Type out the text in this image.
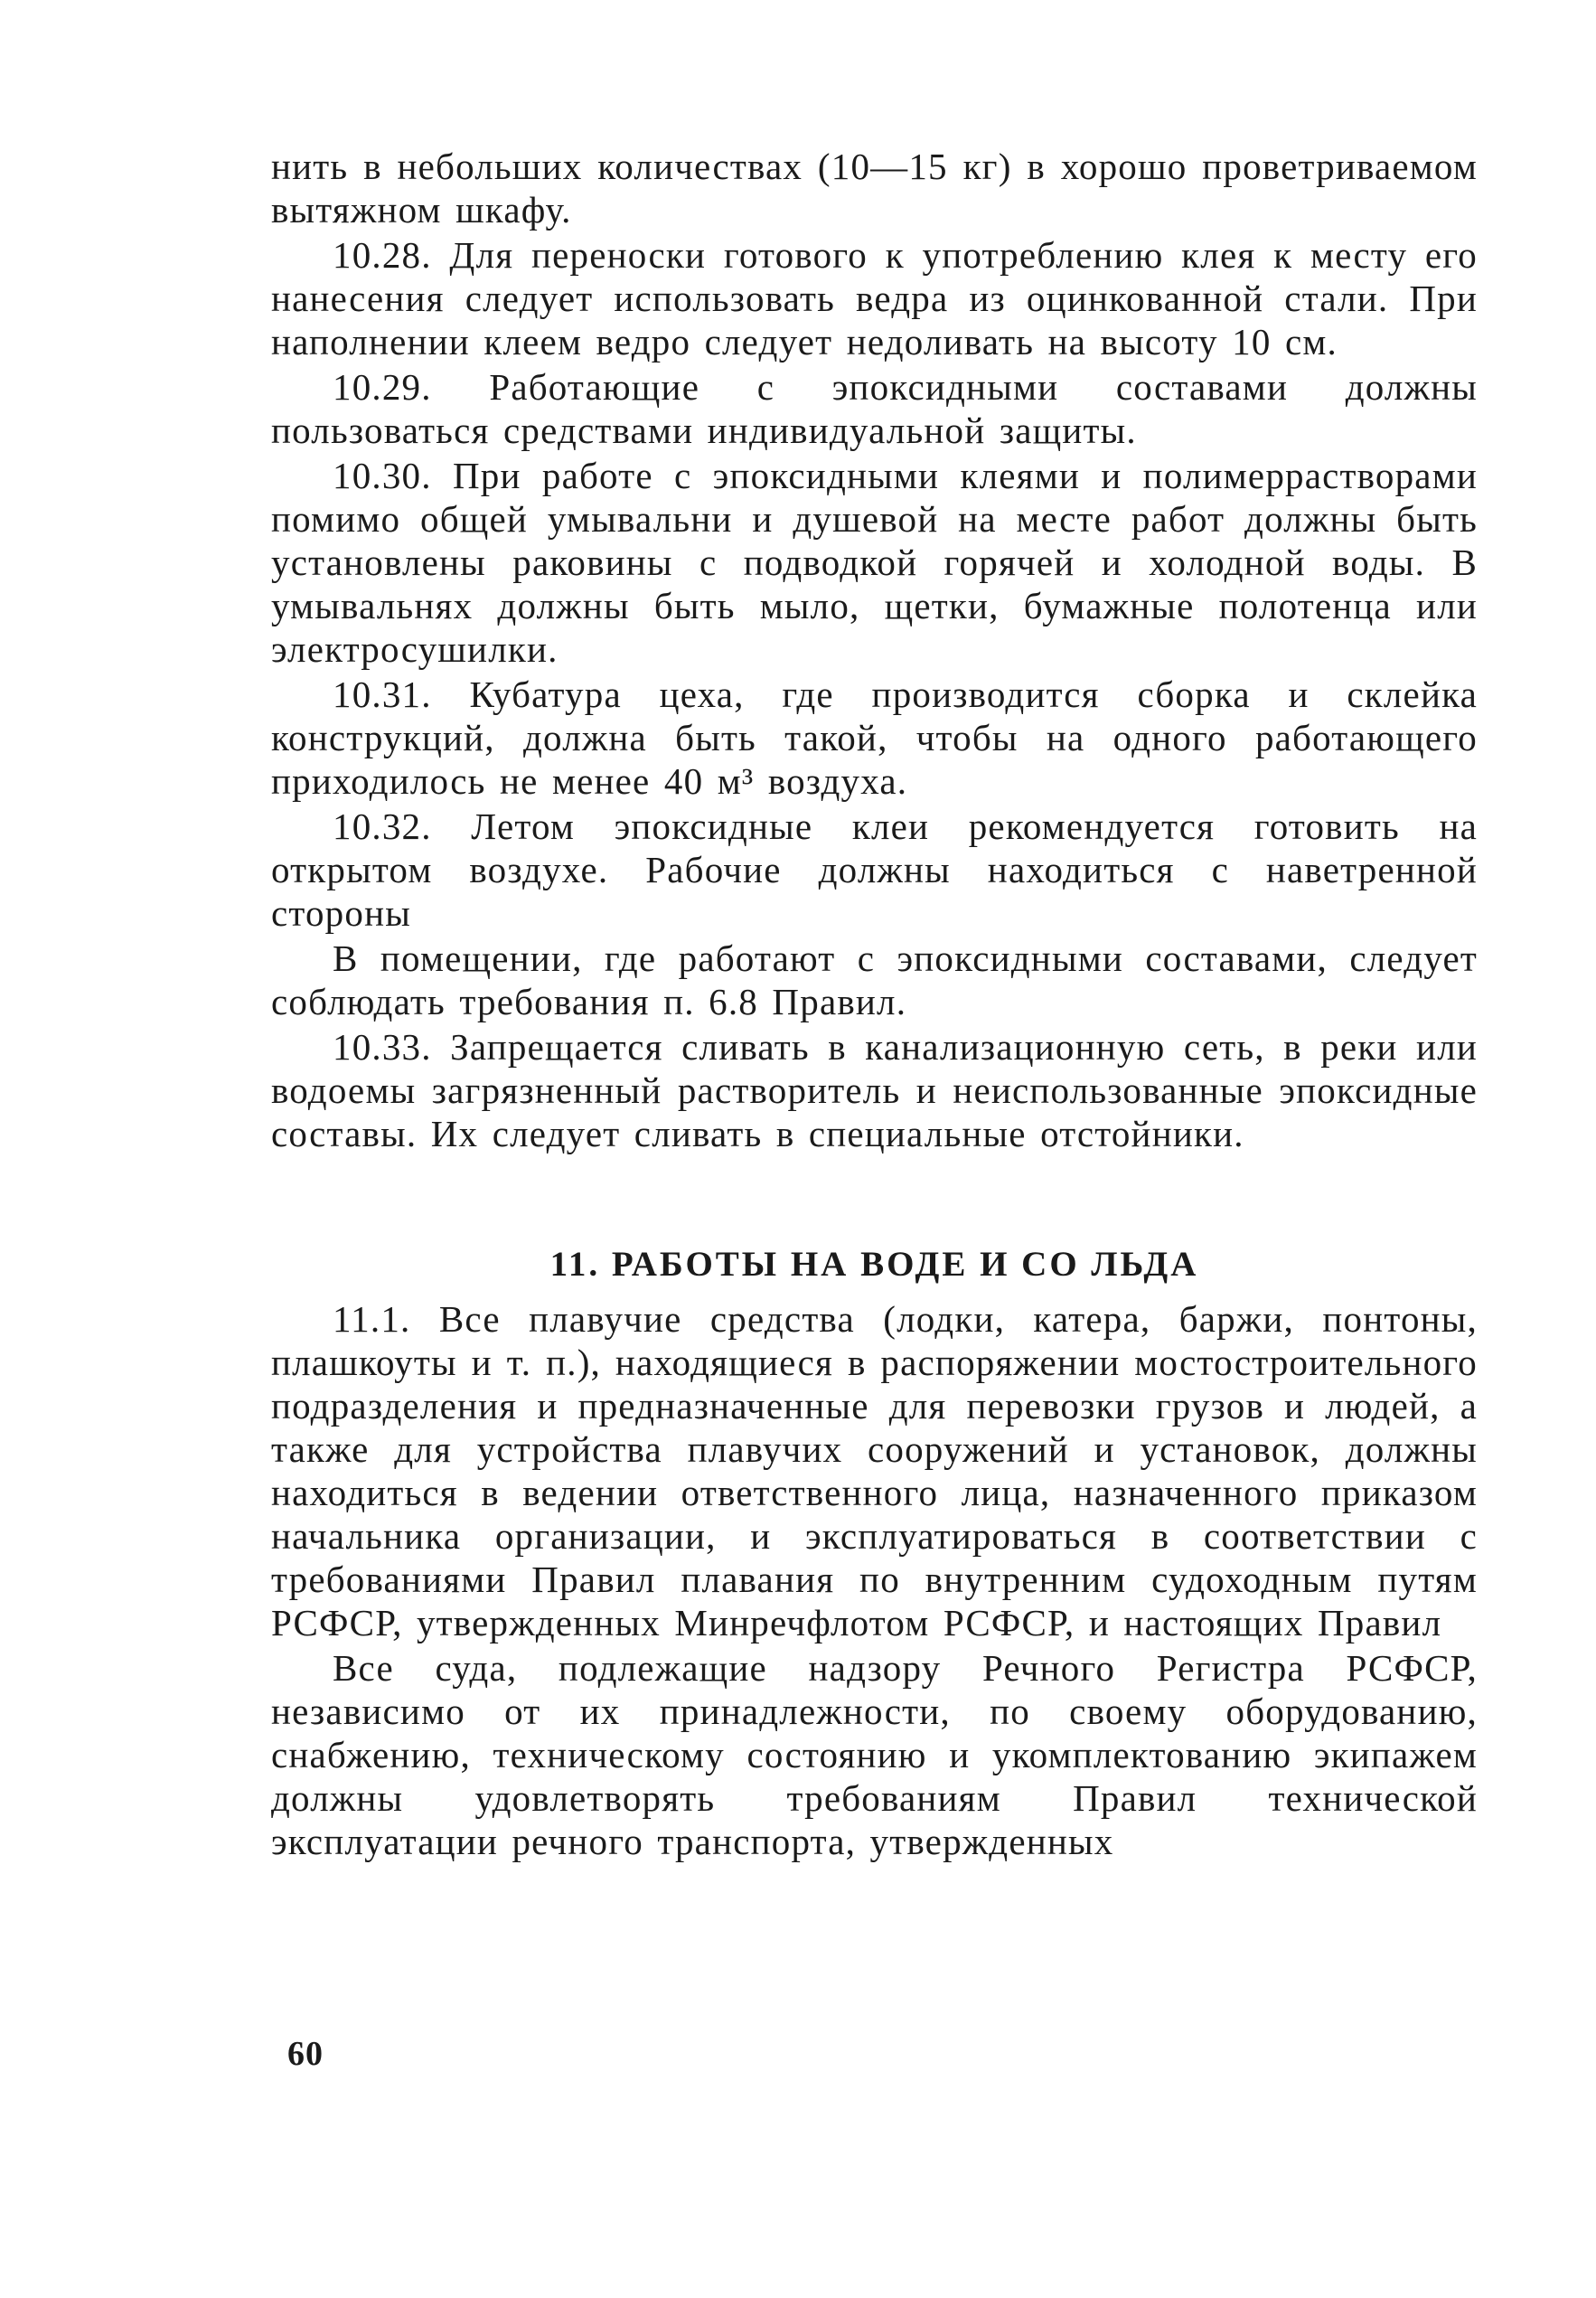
нить в небольших количествах (10—15 кг) в хорошо проветриваемом вытяжном шкафу.

10.28. Для переноски готового к употреблению клея к месту его нанесения следует использовать ведра из оцинкованной стали. При наполнении клеем ведро следует недоливать на высоту 10 см.

10.29. Работающие с эпоксидными составами должны пользоваться средствами индивидуальной защиты.

10.30. При работе с эпоксидными клеями и полимеррастворами помимо общей умывальни и душевой на месте работ должны быть установлены раковины с подводкой горячей и холодной воды. В умывальнях должны быть мыло, щетки, бумажные полотенца или электросушилки.

10.31. Кубатура цеха, где производится сборка и склейка конструкций, должна быть такой, чтобы на одного работающего приходилось не менее 40 м³ воздуха.

10.32. Летом эпоксидные клеи рекомендуется готовить на открытом воздухе. Рабочие должны находиться с наветренной стороны

В помещении, где работают с эпоксидными составами, следует соблюдать требования п. 6.8 Правил.

10.33. Запрещается сливать в канализационную сеть, в реки или водоемы загрязненный растворитель и неиспользованные эпоксидные составы. Их следует сливать в специальные отстойники.

11. РАБОТЫ НА ВОДЕ И СО ЛЬДА

11.1. Все плавучие средства (лодки, катера, баржи, понтоны, плашкоуты и т. п.), находящиеся в распоряжении мостостроительного подразделения и предназначенные для перевозки грузов и людей, а также для устройства плавучих сооружений и установок, должны находиться в ведении ответственного лица, назначенного приказом начальника организации, и эксплуатироваться в соответствии с требованиями Правил плавания по внутренним судоходным путям РСФСР, утвержденных Минречфлотом РСФСР, и настоящих Правил

Все суда, подлежащие надзору Речного Регистра РСФСР, независимо от их принадлежности, по своему оборудованию, снабжению, техническому состоянию и укомплектованию экипажем должны удовлетворять требованиям Правил технической эксплуатации речного транспорта, утвержденных

60
